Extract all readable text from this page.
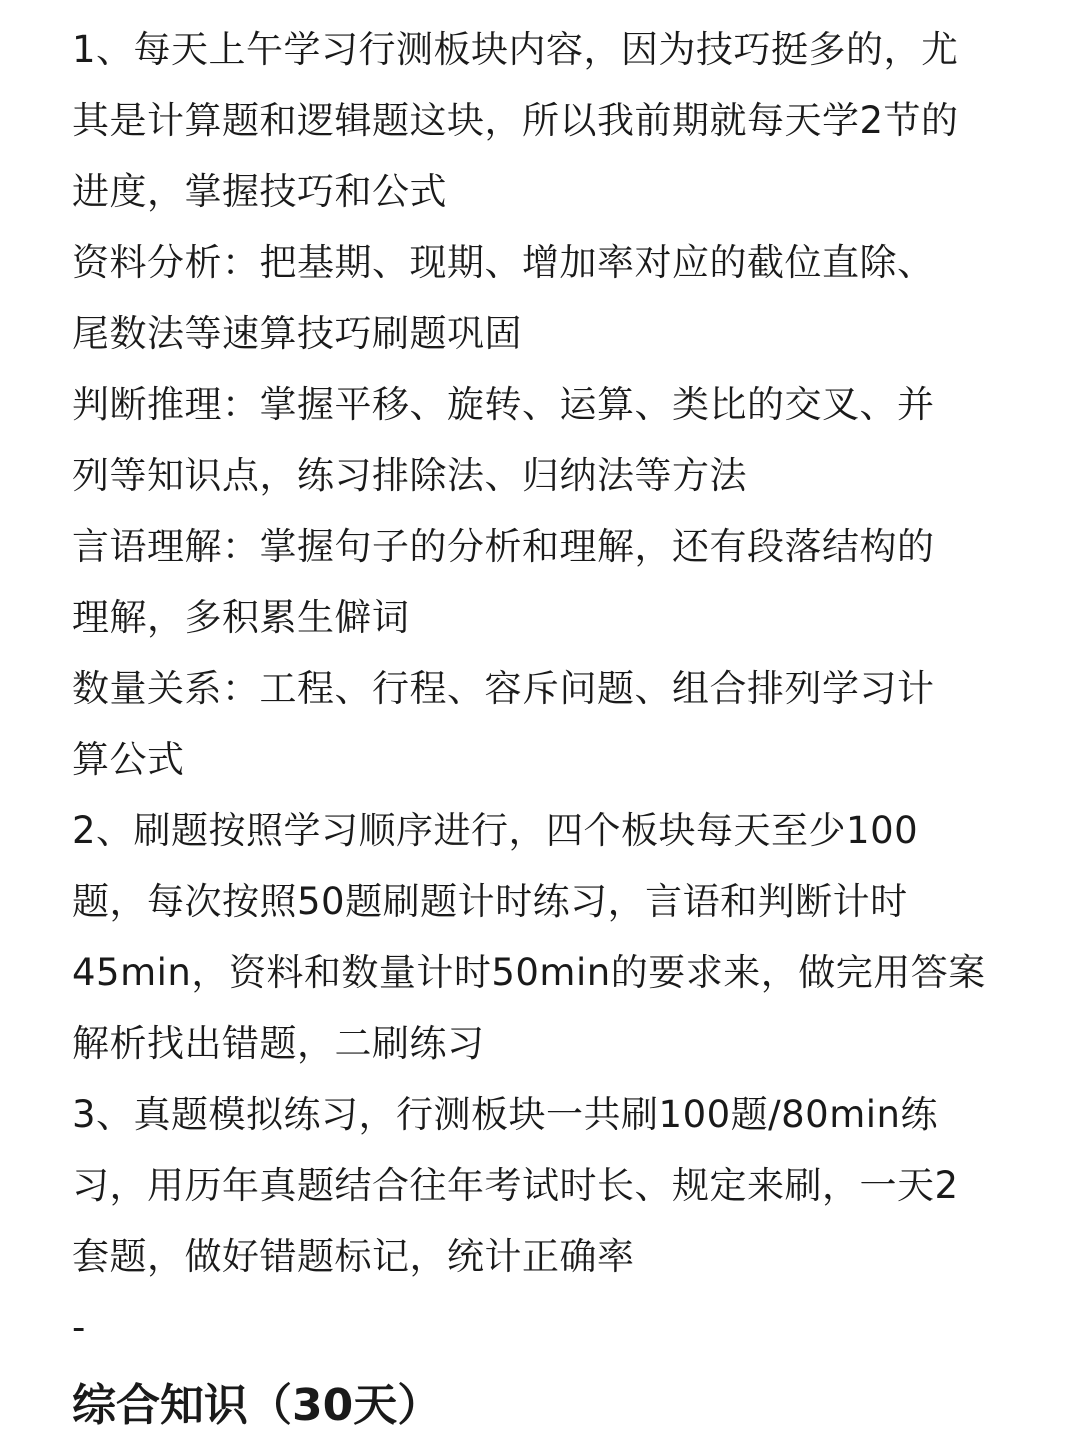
1、每天上午学习行测板块内容，因为技巧挺多的，尤
其是计算题和逻辑题这块，所以我前期就每天学2节的
进度，掌握技巧和公式
资料分析：把基期、现期、增加率对应的截位直除、
尾数法等速算技巧刷题巩固
判断推理：掌握平移、旋转、运算、类比的交叉、并
列等知识点，练习排除法、归纳法等方法
言语理解：掌握句子的分析和理解，还有段落结构的
理解，多积累生僻词
数量关系：工程、行程、容斥问题、组合排列学习计
算公式
2、刷题按照学习顺序进行，四个板块每天至少100
题，每次按照50题刷题计时练习，言语和判断计时
45min，资料和数量计时50min的要求来，做完用答案
解析找出错题，二刷练习
3、真题模拟练习，行测板块一共刷100题/80min练
习，用历年真题结合往年考试时长、规定来刷，一天2
套题，做好错题标记，统计正确率
-
综合知识（30天）
